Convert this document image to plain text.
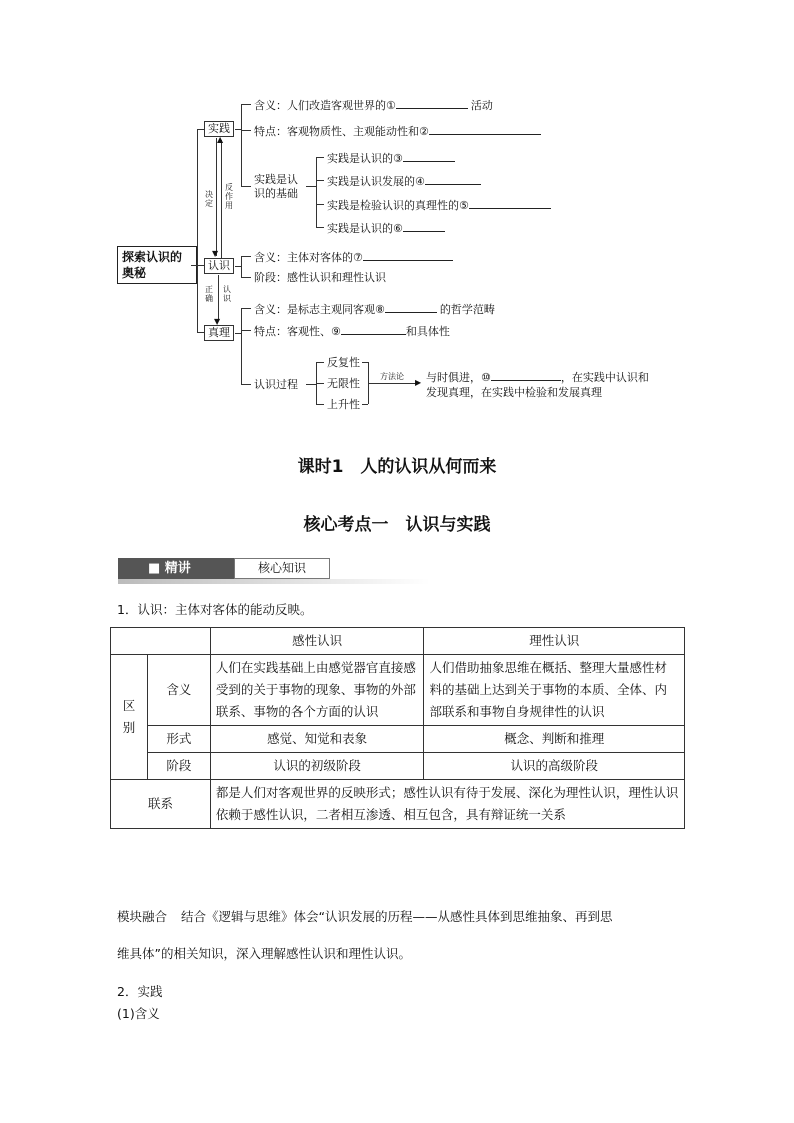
探索认识的奥秘
实践
认识
真理
▼
▲
决定
反作用
▼
正确
认识
含义：人们改造客观世界的①	活动
特点：客观物质性、主观能动性和②
实践是认识的基础
实践是认识的③
实践是认识发展的④
实践是检验认识的真理性的⑤
实践是认识的⑥
含义：主体对客体的⑦
阶段：感性认识和理性认识
含义：是标志主观同客观⑧	的哲学范畴
特点：客观性、⑨	和具体性
认识过程
反复性
无限性
上升性
▶
方法论 与时俱进，⑩	，在实践中认识和
发现真理，在实践中检验和发展真理
课时1　人的认识从何而来
核心考点一　认识与实践
■ 精讲	核心知识
1．认识：主体对客体的能动反映。
		感性认识	理性认识
区别	含义	人们在实践基础上由感觉器官直接感受到的关于事物的现象、事物的外部联系、事物的各个方面的认识	人们借助抽象思维在概括、整理大量感性材料的基础上达到关于事物的本质、全体、内部联系和事物自身规律性的认识
	形式	感觉、知觉和表象	概念、判断和推理
	阶段	认识的初级阶段	认识的高级阶段
联系		都是人们对客观世界的反映形式；感性认识有待于发展、深化为理性认识，理性认识依赖于感性认识，二者相互渗透、相互包含，具有辩证统一关系	
模块融合 结合《逻辑与思维》体会“认识发展的历程——从感性具体到思维抽象、再到思
维具体”的相关知识，深入理解感性认识和理性认识。
2．实践
(1)含义
